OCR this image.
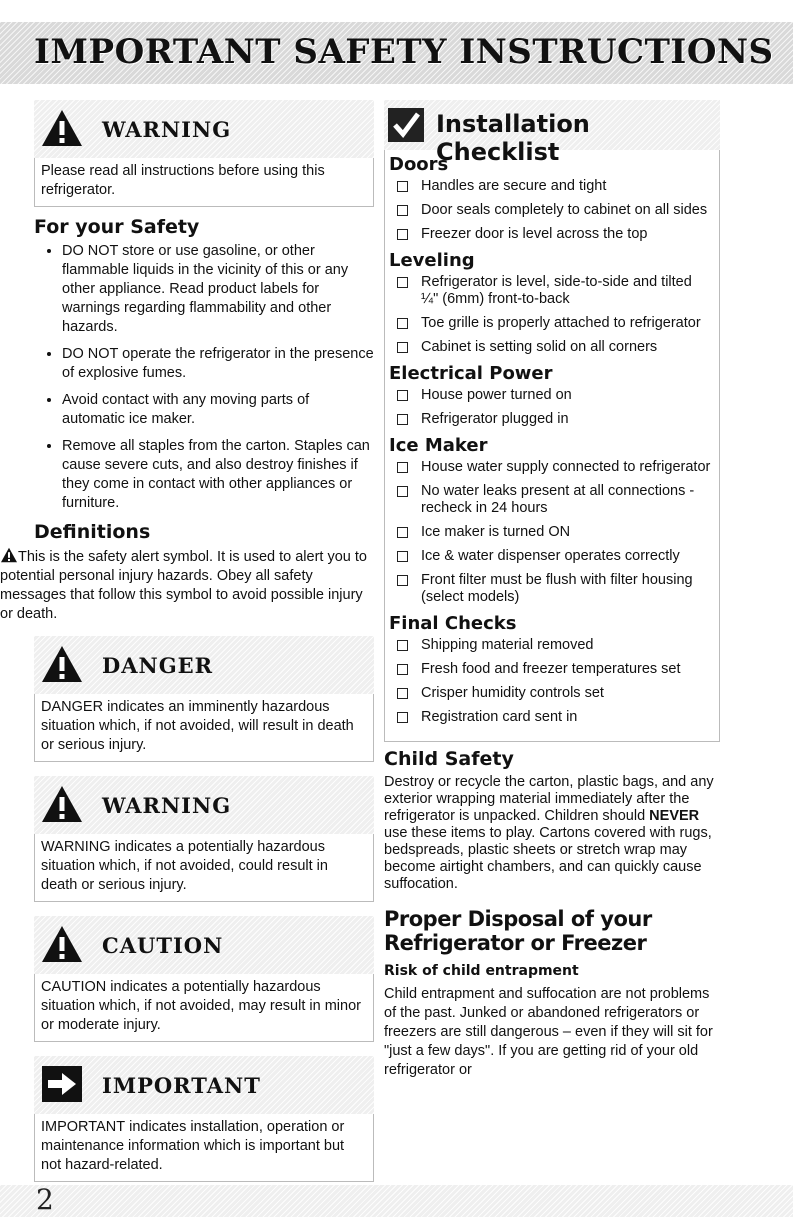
IMPORTANT SAFETY INSTRUCTIONS
WARNING
Please read all instructions before using this refrigerator.
For your Safety
• DO NOT store or use gasoline, or other flammable liquids in the vicinity of this or any other appliance. Read product labels for warnings regarding flammability and other hazards.
• DO NOT operate the refrigerator in the presence of explosive fumes.
• Avoid contact with any moving parts of automatic ice maker.
• Remove all staples from the carton. Staples can cause severe cuts, and also destroy finishes if they come in contact with other appliances or furniture.
Definitions

This is the safety alert symbol. It is used to alert you to potential personal injury hazards. Obey all safety messages that follow this symbol to avoid possible injury or death.

DANGER
DANGER indicates an imminently hazardous situation which, if not avoided, will result in death or serious injury.
WARNING
WARNING indicates a potentially hazardous situation which, if not avoided, could result in death or serious injury.
CAUTION
CAUTION indicates a potentially hazardous situation which, if not avoided, may result in minor or moderate injury.
IMPORTANT
IMPORTANT indicates installation, operation or maintenance information which is important but not hazard-related.
Installation Checklist
Doors
Handles are secure and tight
Door seals completely to cabinet on all sides
Freezer door is level across the top
Leveling
Refrigerator is level, side-to-side and tilted ¼" (6mm) front-to-back
Toe grille is properly attached to refrigerator
Cabinet is setting solid on all corners
Electrical Power
House power turned on
Refrigerator plugged in
Ice Maker
House water supply connected to refrigerator
No water leaks present at all connections - recheck in 24 hours
Ice maker is turned ON
Ice & water dispenser operates correctly
Front filter must be flush with filter housing (select models)
Final Checks
Shipping material removed
Fresh food and freezer temperatures set
Crisper humidity controls set
Registration card sent in
Child Safety

Destroy or recycle the carton, plastic bags, and any exterior wrapping material immediately after the refrigerator is unpacked. Children should NEVER use these items to play. Cartons covered with rugs, bedspreads, plastic sheets or stretch wrap may become airtight chambers, and can quickly cause suffocation.

Proper Disposal of your Refrigerator or Freezer
Risk of child entrapment

Child entrapment and suffocation are not problems of the past. Junked or abandoned refrigerators or freezers are still dangerous – even if they will sit for "just a few days". If you are getting rid of your old refrigerator or

2
